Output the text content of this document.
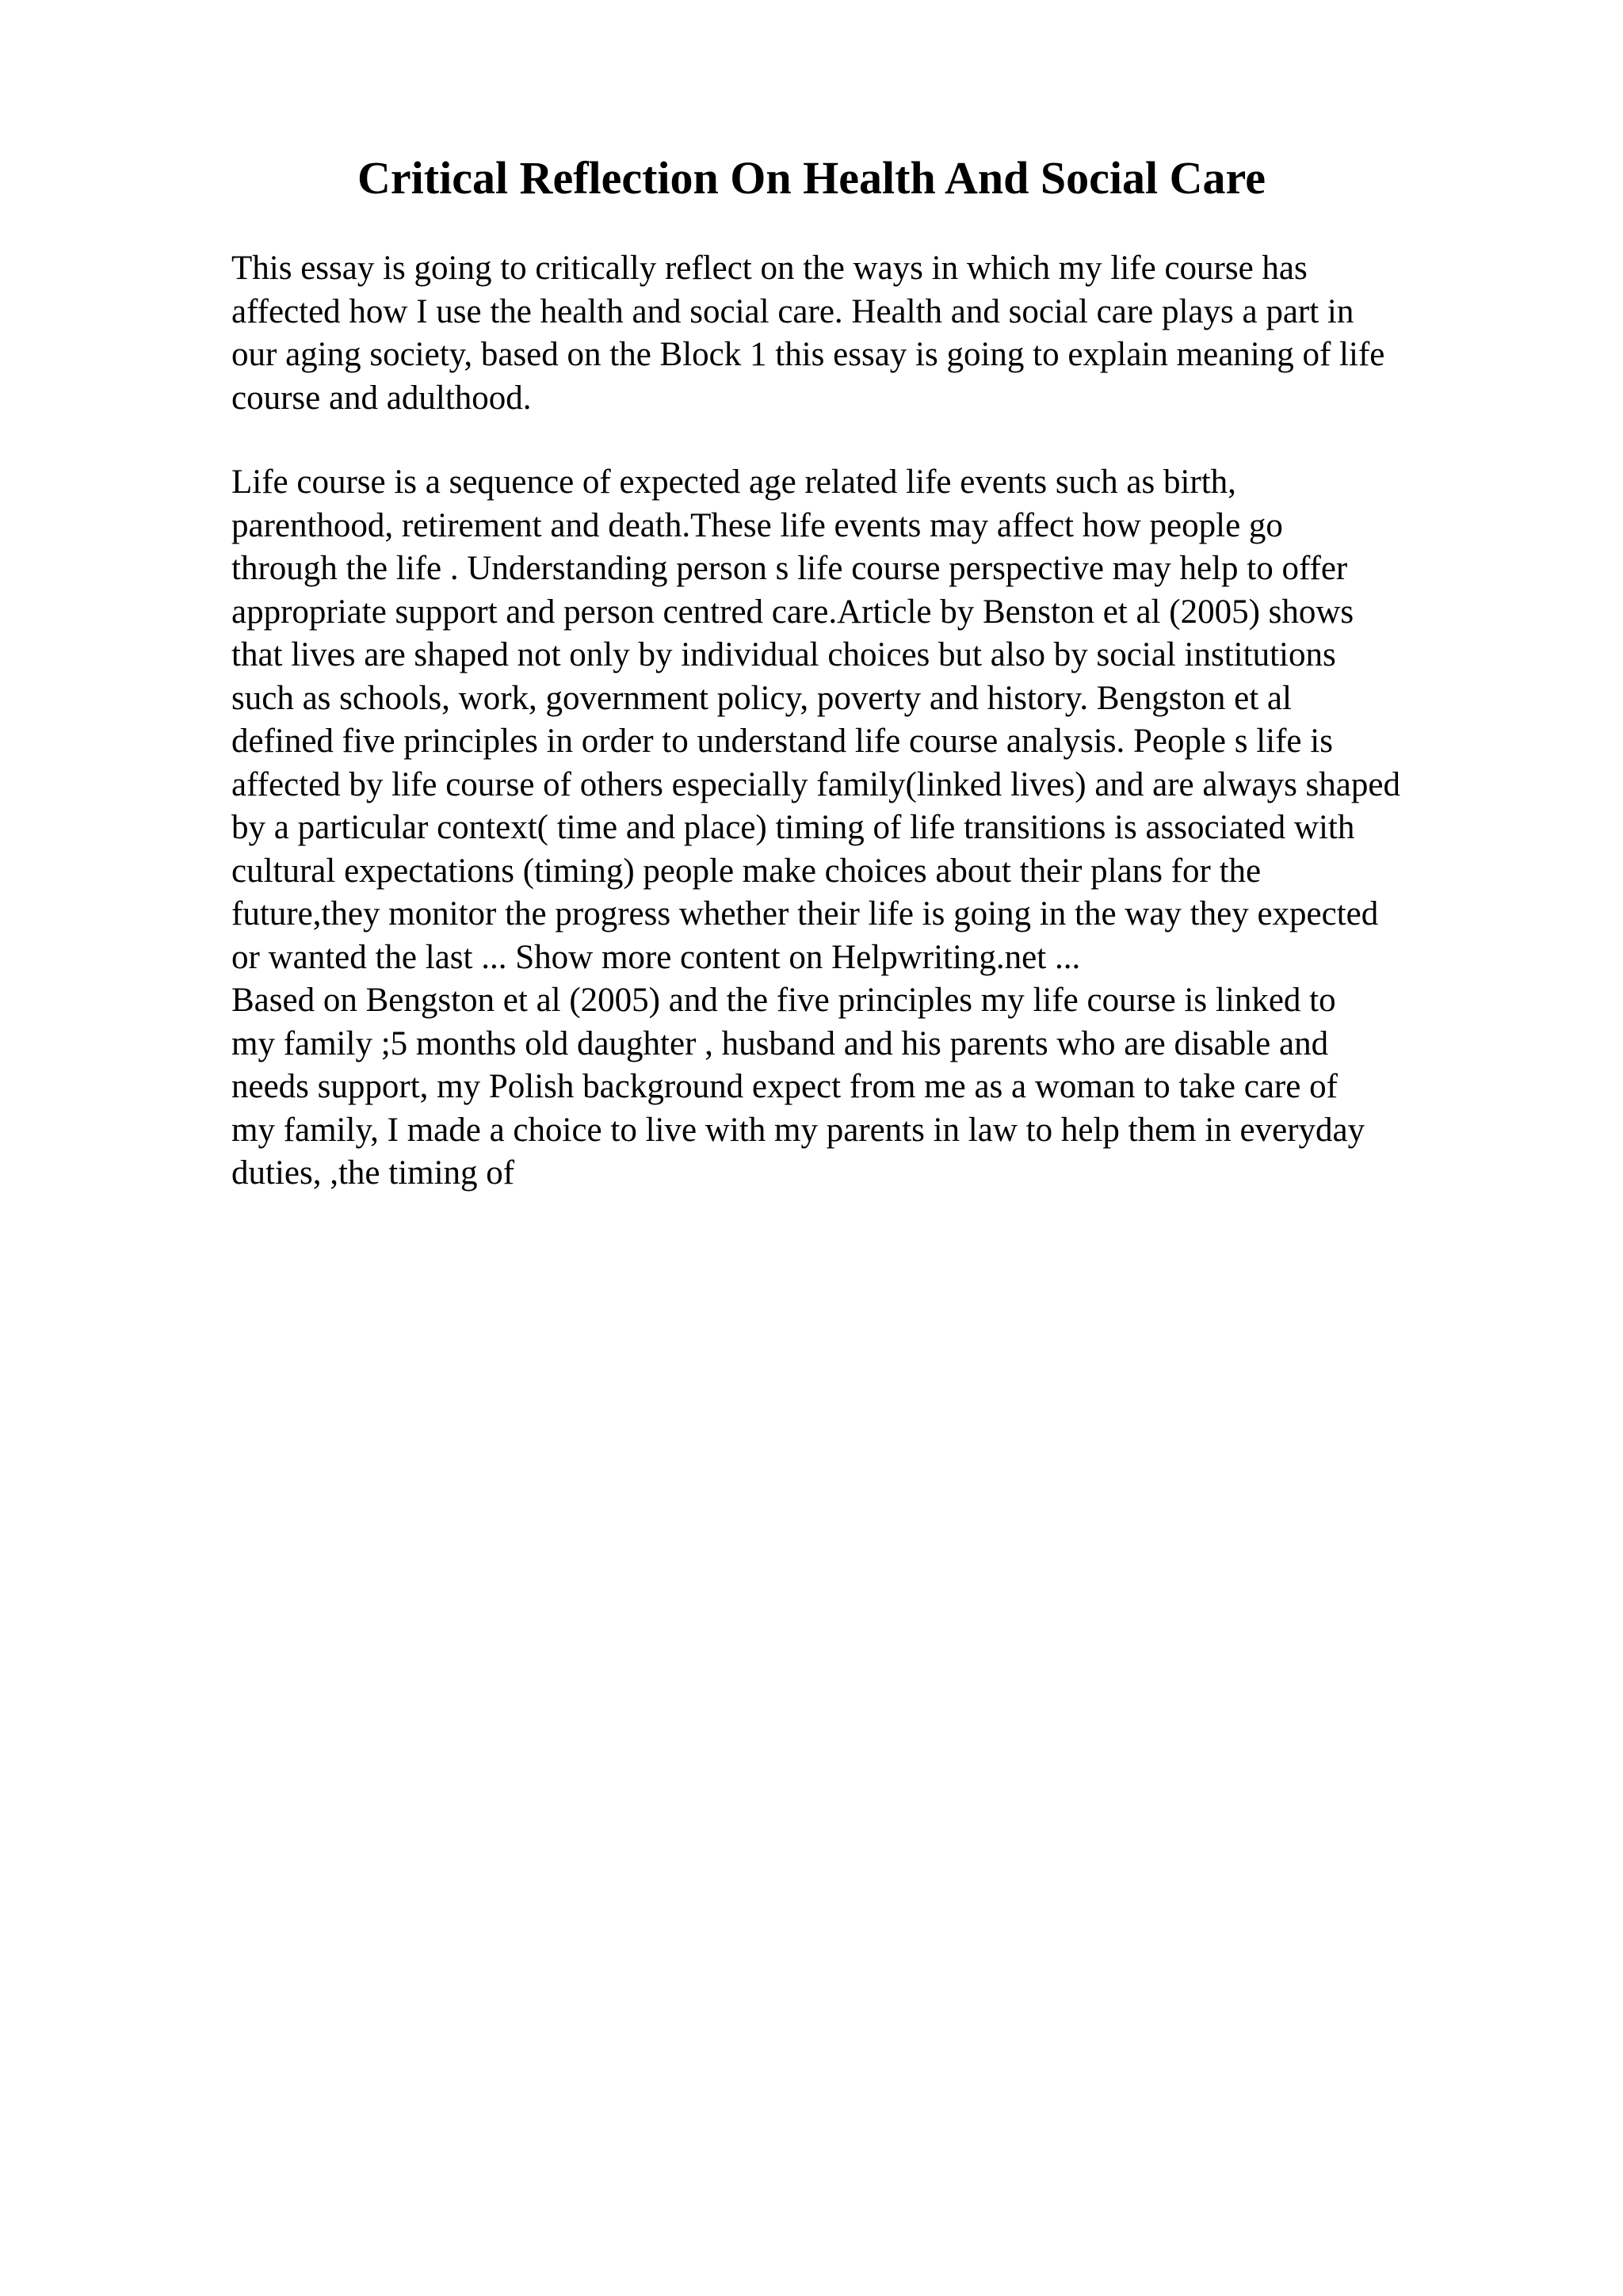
Critical Reflection On Health And Social Care

This essay is going to critically reflect on the ways in which my life course has
affected how I use the health and social care. Health and social care plays a part in
our aging society, based on the Block 1 this essay is going to explain meaning of life
course and adulthood.

Life course is a sequence of expected age related life events such as birth,
parenthood, retirement and death.These life events may affect how people go
through the life . Understanding person s life course perspective may help to offer
appropriate support and person centred care.Article by Benston et al (2005) shows
that lives are shaped not only by individual choices but also by social institutions
such as schools, work, government policy, poverty and history. Bengston et al
defined five principles in order to understand life course analysis. People s life is
affected by life course of others especially family(linked lives) and are always shaped
by a particular context( time and place) timing of life transitions is associated with
cultural expectations (timing) people make choices about their plans for the
future,they monitor the progress whether their life is going in the way they expected
or wanted the last ... Show more content on Helpwriting.net ...

Based on Bengston et al (2005) and the five principles my life course is linked to
my family ;5 months old daughter , husband and his parents who are disable and
needs support, my Polish background expect from me as a woman to take care of
my family, I made a choice to live with my parents in law to help them in everyday
duties, ,the timing of
